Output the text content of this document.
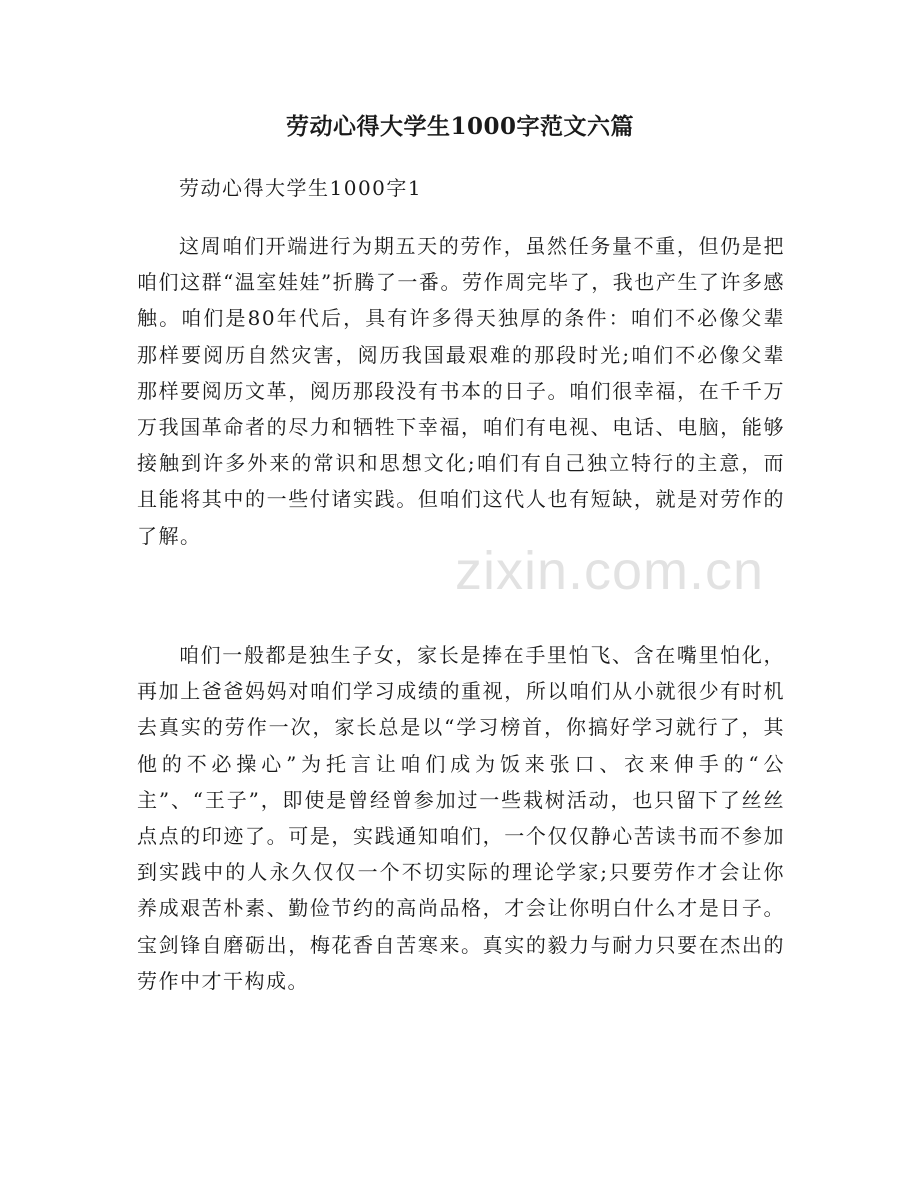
劳动心得大学生1000字范文六篇
劳动心得大学生1000字1

这周咱们开端进行为期五天的劳作，虽然任务量不重，但仍是把咱们这群“温室娃娃”折腾了一番。劳作周完毕了，我也产生了许多感触。咱们是80年代后，具有许多得天独厚的条件：咱们不必像父辈那样要阅历自然灾害，阅历我国最艰难的那段时光;咱们不必像父辈那样要阅历文革，阅历那段没有书本的日子。咱们很幸福，在千千万万我国革命者的尽力和牺牲下幸福，咱们有电视、电话、电脑，能够接触到许多外来的常识和思想文化;咱们有自己独立特行的主意，而且能将其中的一些付诸实践。但咱们这代人也有短缺，就是对劳作的了解。

咱们一般都是独生子女，家长是捧在手里怕飞、含在嘴里怕化，再加上爸爸妈妈对咱们学习成绩的重视，所以咱们从小就很少有时机去真实的劳作一次，家长总是以“学习榜首，你搞好学习就行了，其他的不必操心”为托言让咱们成为饭来张口、衣来伸手的“公主”、“王子”，即使是曾经曾参加过一些栽树活动，也只留下了丝丝点点的印迹了。可是，实践通知咱们，一个仅仅静心苦读书而不参加到实践中的人永久仅仅一个不切实际的理论学家;只要劳作才会让你养成艰苦朴素、勤俭节约的高尚品格，才会让你明白什么才是日子。宝剑锋自磨砺出，梅花香自苦寒来。真实的毅力与耐力只要在杰出的劳作中才干构成。

zixin.com.cn
